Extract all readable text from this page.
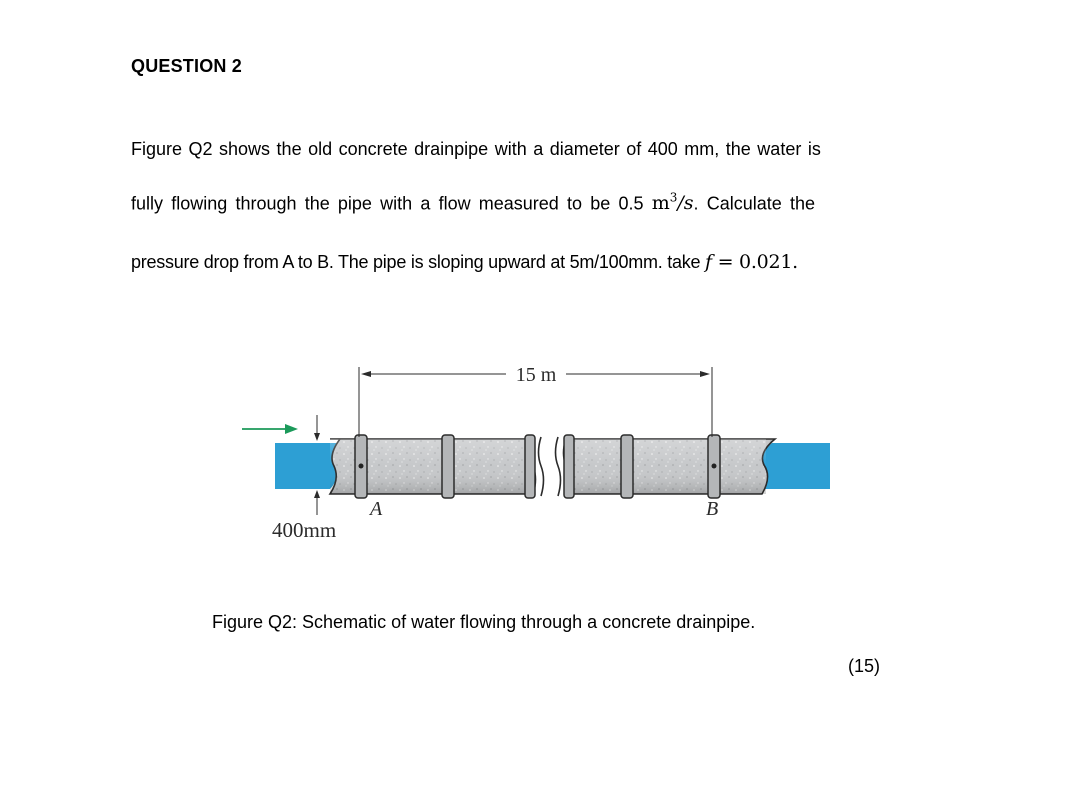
QUESTION 2
Figure Q2 shows the old concrete drainpipe with a diameter of 400 mm, the water is
fully flowing through the pipe with a flow measured to be 0.5 $m^3/s$. Calculate the
pressure drop from A to B. The pipe is sloping upward at 5m/100mm. take f = 0.021.
15 m
A	B
400mm
Figure Q2: Schematic of water flowing through a concrete drainpipe.
(15)
